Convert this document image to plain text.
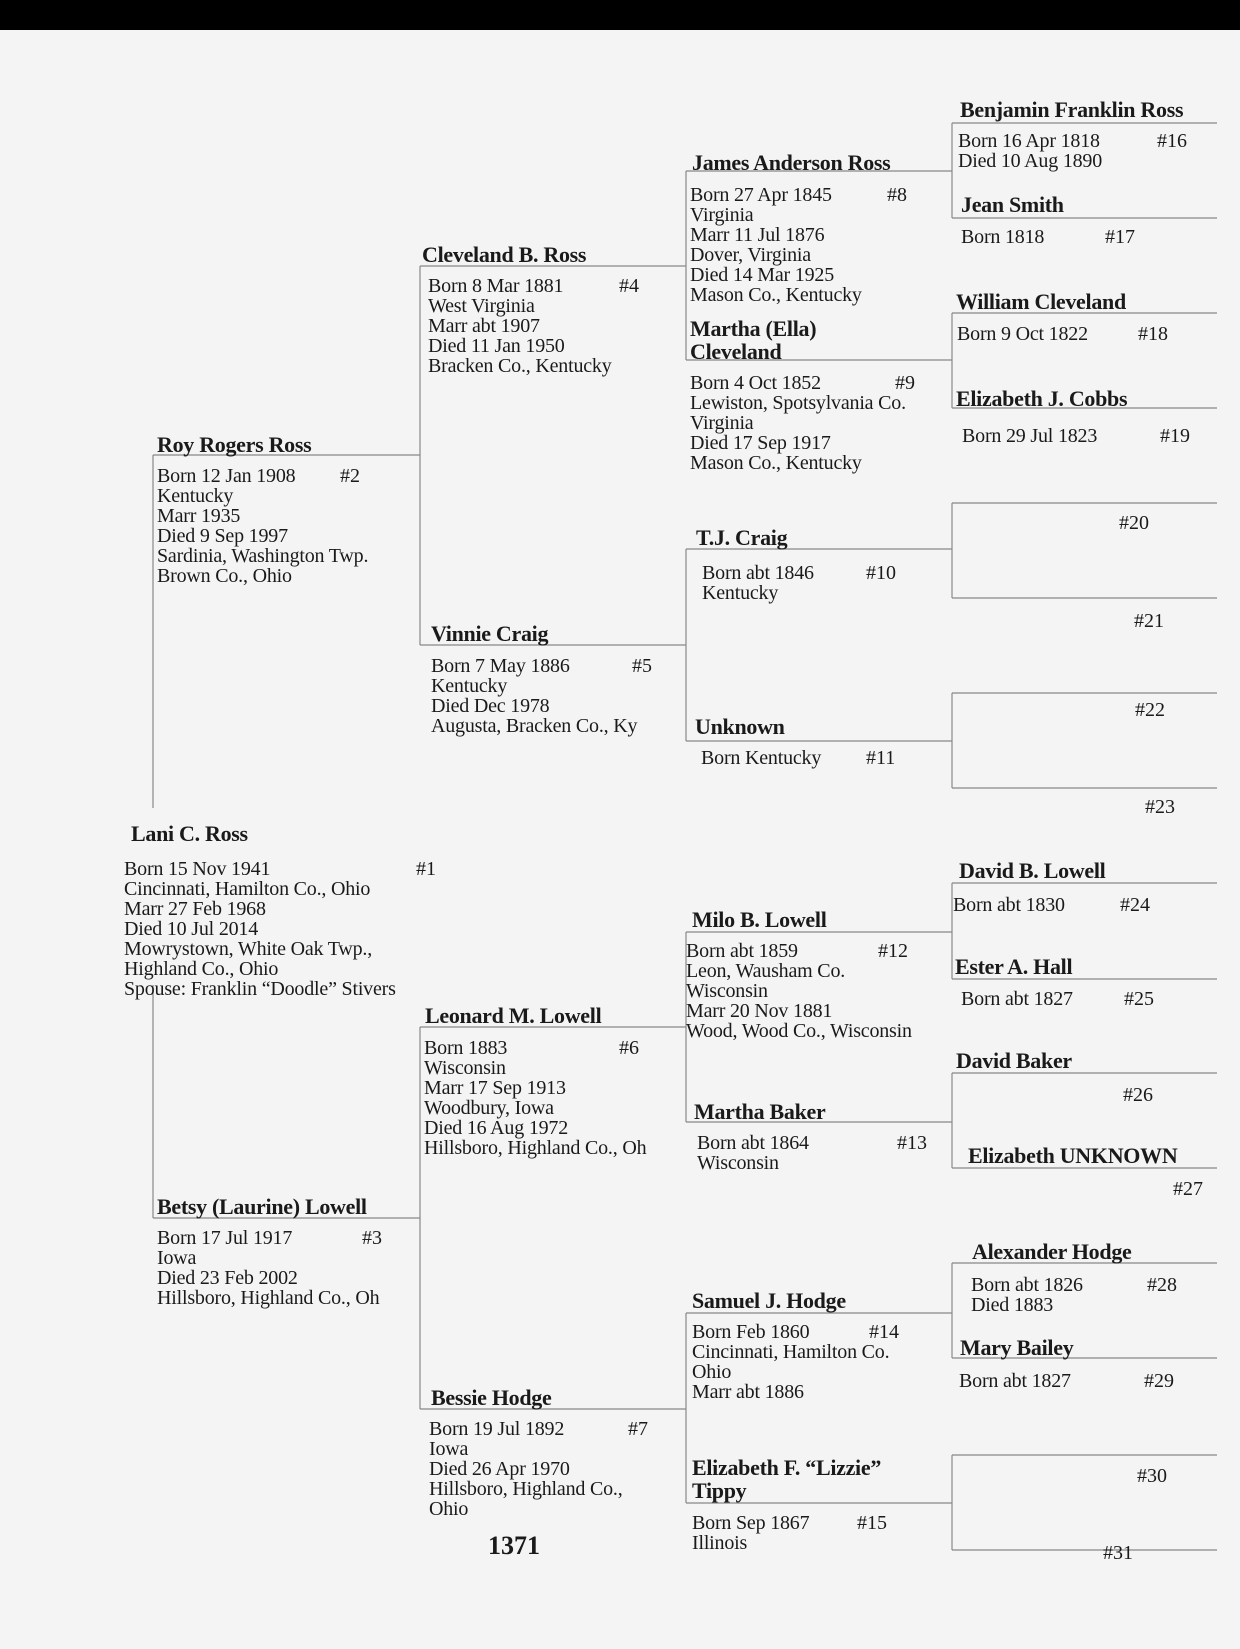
Lani C. Ross
Born 15 Nov 1941
Cincinnati, Hamilton Co., Ohio
Marr 27 Feb 1968
Died 10 Jul 2014
Mowrystown, White Oak Twp.,
Highland Co., Ohio
Spouse: Franklin “Doodle” Stivers
#1
Roy Rogers Ross
Born 12 Jan 1908
Kentucky
Marr 1935
Died 9 Sep 1997
Sardinia, Washington Twp.
Brown Co., Ohio
#2
Betsy (Laurine) Lowell
Born 17 Jul 1917
Iowa
Died 23 Feb 2002
Hillsboro, Highland Co., Oh
#3
Cleveland B. Ross
Born 8 Mar 1881
West Virginia
Marr abt 1907
Died 11 Jan 1950
Bracken Co., Kentucky
#4
Vinnie Craig
Born 7 May 1886
Kentucky
Died Dec 1978
Augusta, Bracken Co., Ky
#5
Leonard M. Lowell
Born 1883
Wisconsin
Marr 17 Sep 1913
Woodbury, Iowa
Died 16 Aug 1972
Hillsboro, Highland Co., Oh
#6
Bessie Hodge
Born 19 Jul 1892
Iowa
Died 26 Apr 1970
Hillsboro, Highland Co.,
Ohio
#7
James Anderson Ross
Born 27 Apr 1845
Virginia
Marr 11 Jul 1876
Dover, Virginia
Died 14 Mar 1925
Mason Co., Kentucky
#8
Martha (Ella)
Cleveland
Born 4 Oct 1852
Lewiston, Spotsylvania Co.
Virginia
Died 17 Sep 1917
Mason Co., Kentucky
#9
T.J. Craig
Born abt 1846
Kentucky
#10
Unknown
Born Kentucky #11
Milo B. Lowell
Born abt 1859
Leon, Wausham Co.
Wisconsin
Marr 20 Nov 1881
Wood, Wood Co., Wisconsin
#12
Martha Baker
Born abt 1864
Wisconsin
#13
Samuel J. Hodge
Born Feb 1860
Cincinnati, Hamilton Co.
Ohio
Marr abt 1886
#14
Elizabeth F. “Lizzie”
Tippy
Born Sep 1867
Illinois
#15
Benjamin Franklin Ross
Born 16 Apr 1818
Died 10 Aug 1890
#16
Jean Smith
Born 1818	#17
William Cleveland
Born 9 Oct 1822	#18
Elizabeth J. Cobbs
Born 29 Jul 1823	#19
#20
#21
#22
#23
David B. Lowell
Born abt 1830	#24
Ester A. Hall
Born abt 1827	#25
David Baker
#26
Elizabeth UNKNOWN
#27
Alexander Hodge
Born abt 1826
Died 1883
#28
Mary Bailey
Born abt 1827	#29
#30
#31
1371
